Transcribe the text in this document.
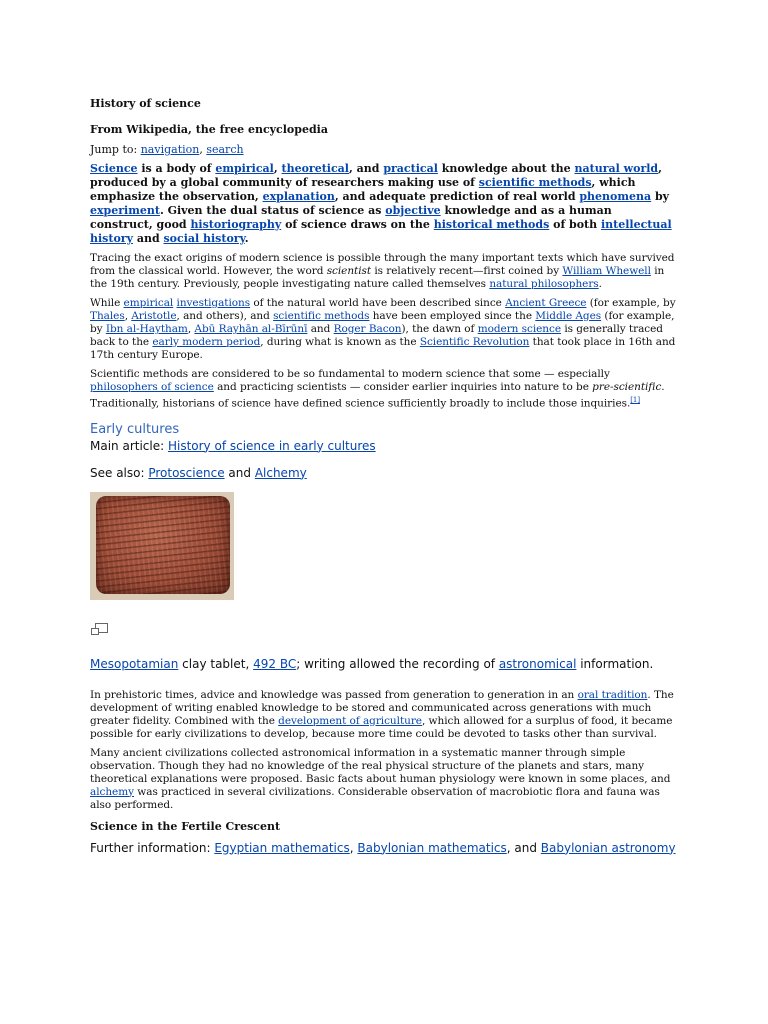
History of science
From Wikipedia, the free encyclopedia
Jump to: navigation, search
Science is a body of empirical, theoretical, and practical knowledge about the natural world, produced by a global community of researchers making use of scientific methods, which emphasize the observation, explanation, and adequate prediction of real world phenomena by experiment. Given the dual status of science as objective knowledge and as a human construct, good historiography of science draws on the historical methods of both intellectual history and social history.
Tracing the exact origins of modern science is possible through the many important texts which have survived from the classical world. However, the word scientist is relatively recent—first coined by William Whewell in the 19th century. Previously, people investigating nature called themselves natural philosophers.
While empirical investigations of the natural world have been described since Ancient Greece (for example, by Thales, Aristotle, and others), and scientific methods have been employed since the Middle Ages (for example, by Ibn al-Haytham, Abū Rayhān al-Bīrūnī and Roger Bacon), the dawn of modern science is generally traced back to the early modern period, during what is known as the Scientific Revolution that took place in 16th and 17th century Europe.
Scientific methods are considered to be so fundamental to modern science that some — especially philosophers of science and practicing scientists — consider earlier inquiries into nature to be pre-scientific. Traditionally, historians of science have defined science sufficiently broadly to include those inquiries.[1]
Early cultures
Main article: History of science in early cultures
See also: Protoscience and Alchemy
Mesopotamian clay tablet, 492 BC; writing allowed the recording of astronomical information.
In prehistoric times, advice and knowledge was passed from generation to generation in an oral tradition. The development of writing enabled knowledge to be stored and communicated across generations with much greater fidelity. Combined with the development of agriculture, which allowed for a surplus of food, it became possible for early civilizations to develop, because more time could be devoted to tasks other than survival.
Many ancient civilizations collected astronomical information in a systematic manner through simple observation. Though they had no knowledge of the real physical structure of the planets and stars, many theoretical explanations were proposed. Basic facts about human physiology were known in some places, and alchemy was practiced in several civilizations. Considerable observation of macrobiotic flora and fauna was also performed.
Science in the Fertile Crescent
Further information: Egyptian mathematics, Babylonian mathematics, and Babylonian astronomy
